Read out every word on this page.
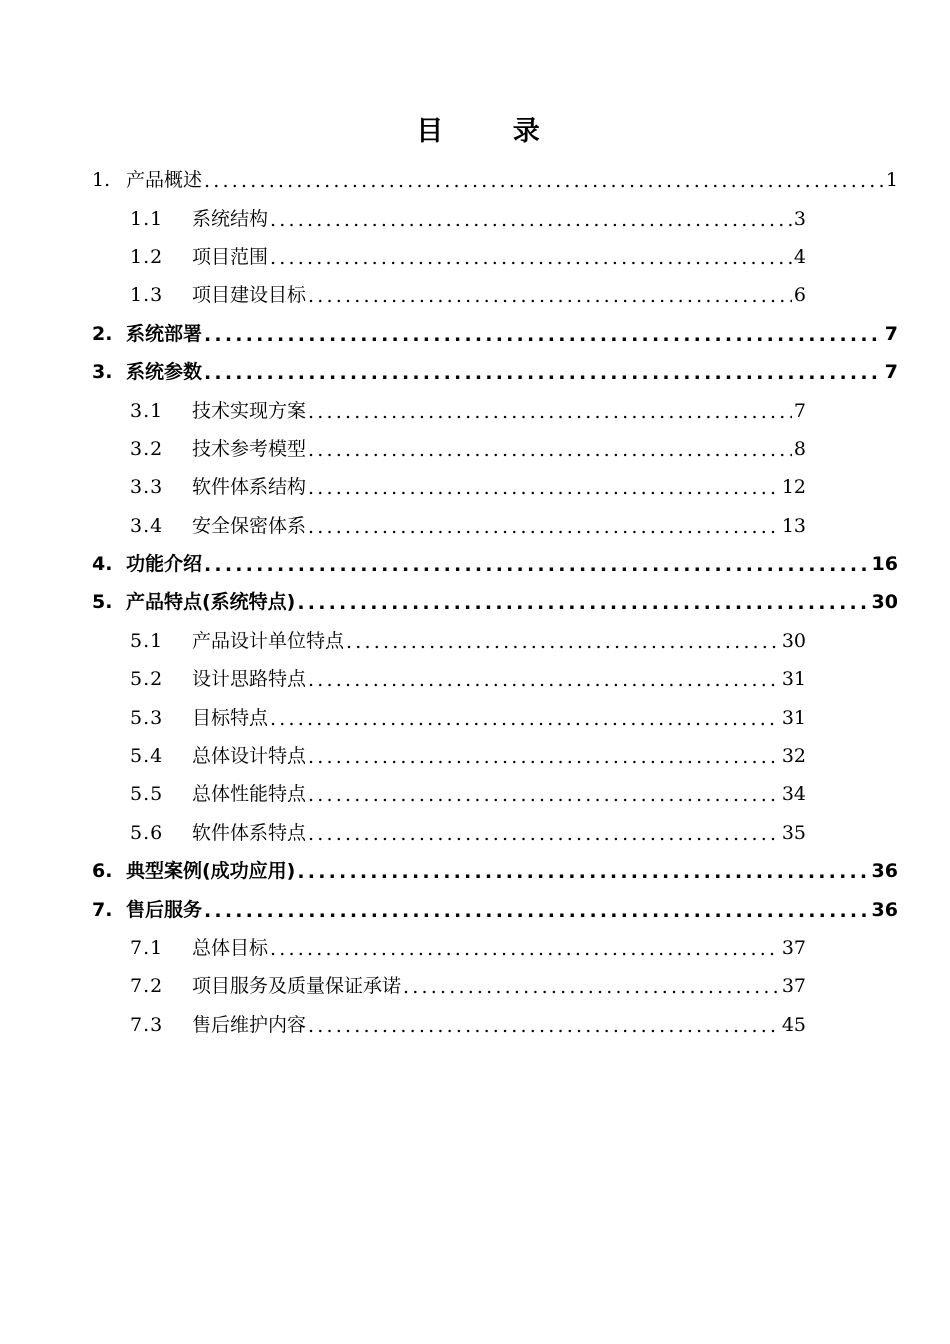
目 录
1. 产品概述 .....	1
1.1	系统结构 .....	3
1.2	项目范围 .....	4
1.3	项目建设目标 .....	6
2. 系统部署 .....	7
3. 系统参数 .....	7
3.1	技术实现方案 .....	7
3.2	技术参考模型 .....	8
3.3	软件体系结构 .....	12
3.4	安全保密体系 .....	13
4. 功能介绍 .....	16
5. 产品特点(系统特点) .....	30
5.1	产品设计单位特点 .....	30
5.2	设计思路特点 .....	31
5.3	目标特点 .....	31
5.4	总体设计特点 .....	32
5.5	总体性能特点 .....	34
5.6	软件体系特点 .....	35
6. 典型案例(成功应用) .....	36
7. 售后服务 .....	36
7.1	总体目标 .....	37
7.2	项目服务及质量保证承诺 .....	37
7.3	售后维护内容 .....	45
